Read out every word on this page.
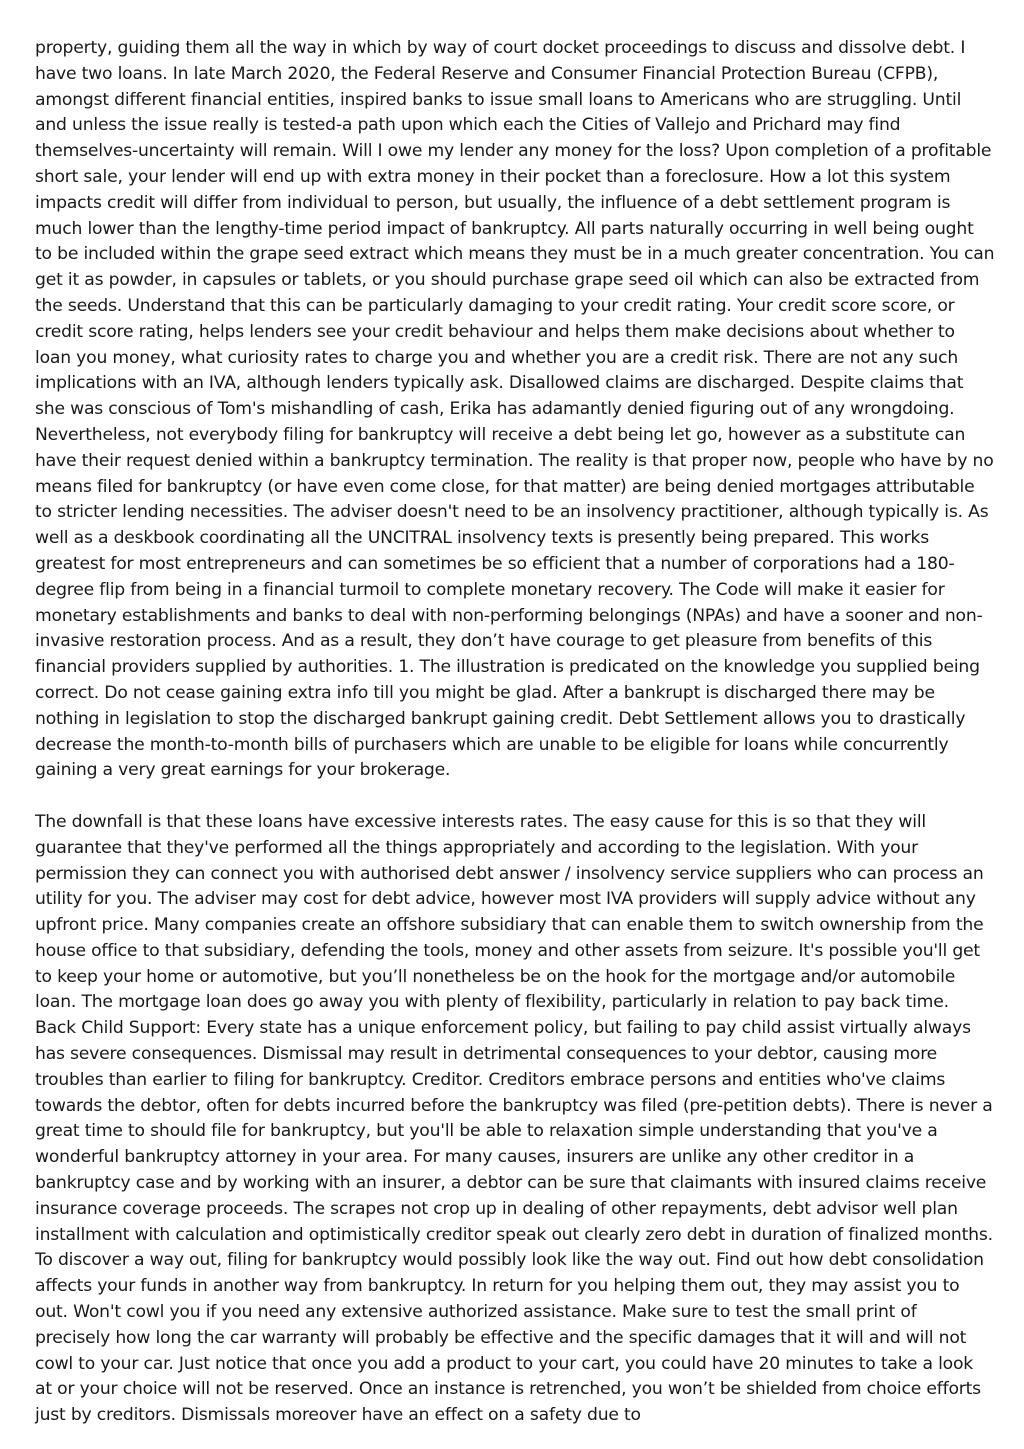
property, guiding them all the way in which by way of court docket proceedings to discuss and dissolve debt. I have two loans. In late March 2020, the Federal Reserve and Consumer Financial Protection Bureau (CFPB), amongst different financial entities, inspired banks to issue small loans to Americans who are struggling. Until and unless the issue really is tested-a path upon which each the Cities of Vallejo and Prichard may find themselves-uncertainty will remain. Will I owe my lender any money for the loss? Upon completion of a profitable short sale, your lender will end up with extra money in their pocket than a foreclosure. How a lot this system impacts credit will differ from individual to person, but usually, the influence of a debt settlement program is much lower than the lengthy-time period impact of bankruptcy. All parts naturally occurring in well being ought to be included within the grape seed extract which means they must be in a much greater concentration. You can get it as powder, in capsules or tablets, or you should purchase grape seed oil which can also be extracted from the seeds. Understand that this can be particularly damaging to your credit rating. Your credit score score, or credit score rating, helps lenders see your credit behaviour and helps them make decisions about whether to loan you money, what curiosity rates to charge you and whether you are a credit risk. There are not any such implications with an IVA, although lenders typically ask. Disallowed claims are discharged. Despite claims that she was conscious of Tom's mishandling of cash, Erika has adamantly denied figuring out of any wrongdoing. Nevertheless, not everybody filing for bankruptcy will receive a debt being let go, however as a substitute can have their request denied within a bankruptcy termination. The reality is that proper now, people who have by no means filed for bankruptcy (or have even come close, for that matter) are being denied mortgages attributable to stricter lending necessities. The adviser doesn't need to be an insolvency practitioner, although typically is. As well as a deskbook coordinating all the UNCITRAL insolvency texts is presently being prepared. This works greatest for most entrepreneurs and can sometimes be so efficient that a number of corporations had a 180-degree flip from being in a financial turmoil to complete monetary recovery. The Code will make it easier for monetary establishments and banks to deal with non-performing belongings (NPAs) and have a sooner and non-invasive restoration process. And as a result, they don’t have courage to get pleasure from benefits of this financial providers supplied by authorities. 1. The illustration is predicated on the knowledge you supplied being correct. Do not cease gaining extra info till you might be glad. After a bankrupt is discharged there may be nothing in legislation to stop the discharged bankrupt gaining credit. Debt Settlement allows you to drastically decrease the month-to-month bills of purchasers which are unable to be eligible for loans while concurrently gaining a very great earnings for your brokerage.

The downfall is that these loans have excessive interests rates. The easy cause for this is so that they will guarantee that they've performed all the things appropriately and according to the legislation. With your permission they can connect you with authorised debt answer / insolvency service suppliers who can process an utility for you. The adviser may cost for debt advice, however most IVA providers will supply advice without any upfront price. Many companies create an offshore subsidiary that can enable them to switch ownership from the house office to that subsidiary, defending the tools, money and other assets from seizure. It's possible you'll get to keep your home or automotive, but you’ll nonetheless be on the hook for the mortgage and/or automobile loan. The mortgage loan does go away you with plenty of flexibility, particularly in relation to pay back time. Back Child Support: Every state has a unique enforcement policy, but failing to pay child assist virtually always has severe consequences. Dismissal may result in detrimental consequences to your debtor, causing more troubles than earlier to filing for bankruptcy. Creditor. Creditors embrace persons and entities who've claims towards the debtor, often for debts incurred before the bankruptcy was filed (pre-petition debts). There is never a great time to should file for bankruptcy, but you'll be able to relaxation simple understanding that you've a wonderful bankruptcy attorney in your area. For many causes, insurers are unlike any other creditor in a bankruptcy case and by working with an insurer, a debtor can be sure that claimants with insured claims receive insurance coverage proceeds. The scrapes not crop up in dealing of other repayments, debt advisor well plan installment with calculation and optimistically creditor speak out clearly zero debt in duration of finalized months. To discover a way out, filing for bankruptcy would possibly look like the way out. Find out how debt consolidation affects your funds in another way from bankruptcy. In return for you helping them out, they may assist you to out. Won't cowl you if you need any extensive authorized assistance. Make sure to test the small print of precisely how long the car warranty will probably be effective and the specific damages that it will and will not cowl to your car. Just notice that once you add a product to your cart, you could have 20 minutes to take a look at or your choice will not be reserved. Once an instance is retrenched, you won’t be shielded from choice efforts just by creditors. Dismissals moreover have an effect on a safety due to
